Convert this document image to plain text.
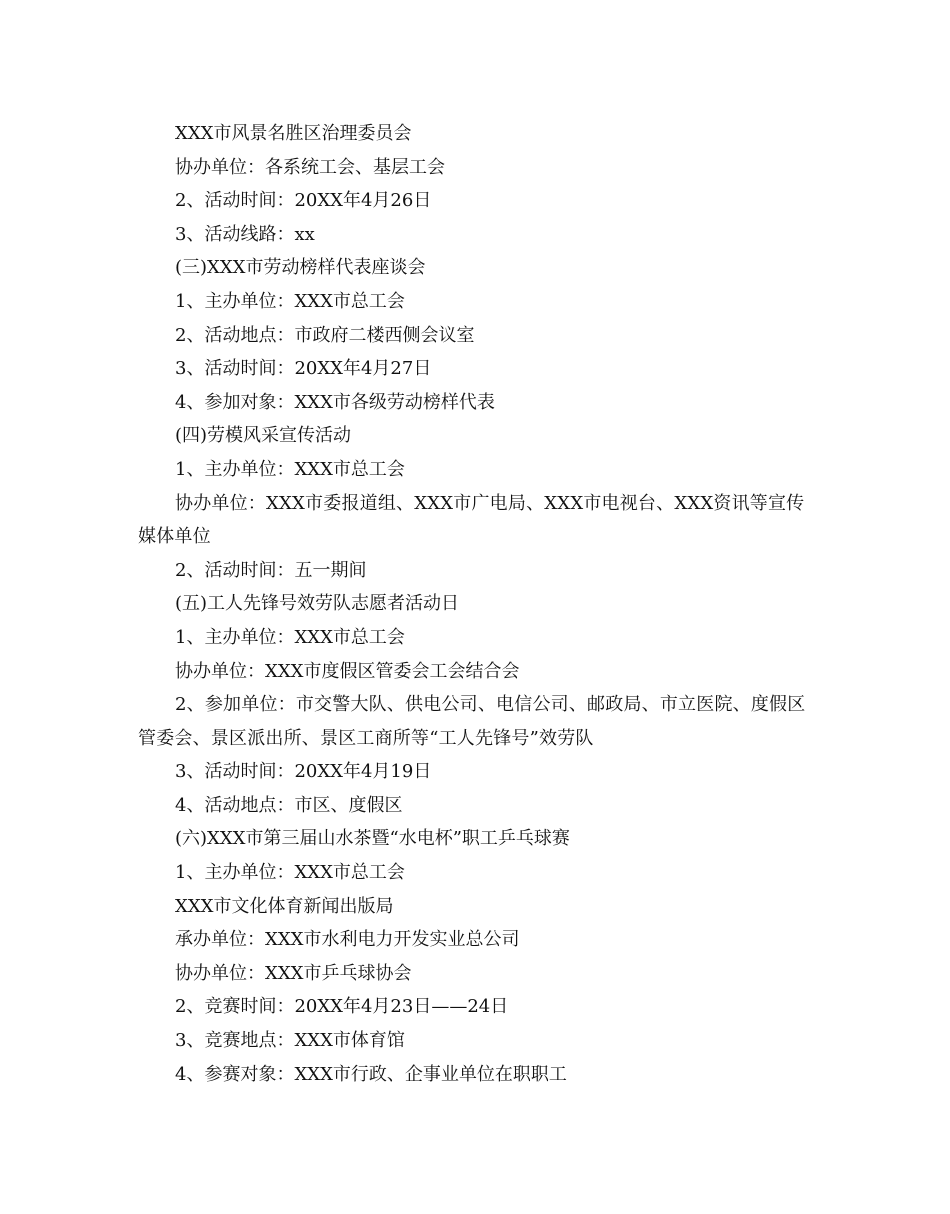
XXX市风景名胜区治理委员会
协办单位：各系统工会、基层工会
2、活动时间：20XX年4月26日
3、活动线路：xx
(三)XXX市劳动榜样代表座谈会
1、主办单位：XXX市总工会
2、活动地点：市政府二楼西侧会议室
3、活动时间：20XX年4月27日
4、参加对象：XXX市各级劳动榜样代表
(四)劳模风采宣传活动
1、主办单位：XXX市总工会
协办单位：XXX市委报道组、XXX市广电局、XXX市电视台、XXX资讯等宣传媒体单位
2、活动时间：五一期间
(五)工人先锋号效劳队志愿者活动日
1、主办单位：XXX市总工会
协办单位：XXX市度假区管委会工会结合会
2、参加单位：市交警大队、供电公司、电信公司、邮政局、市立医院、度假区管委会、景区派出所、景区工商所等“工人先锋号”效劳队
3、活动时间：20XX年4月19日
4、活动地点：市区、度假区
(六)XXX市第三届山水茶暨“水电杯”职工乒乓球赛
1、主办单位：XXX市总工会
XXX市文化体育新闻出版局
承办单位：XXX市水利电力开发实业总公司
协办单位：XXX市乒乓球协会
2、竞赛时间：20XX年4月23日——24日
3、竞赛地点：XXX市体育馆
4、参赛对象：XXX市行政、企事业单位在职职工
